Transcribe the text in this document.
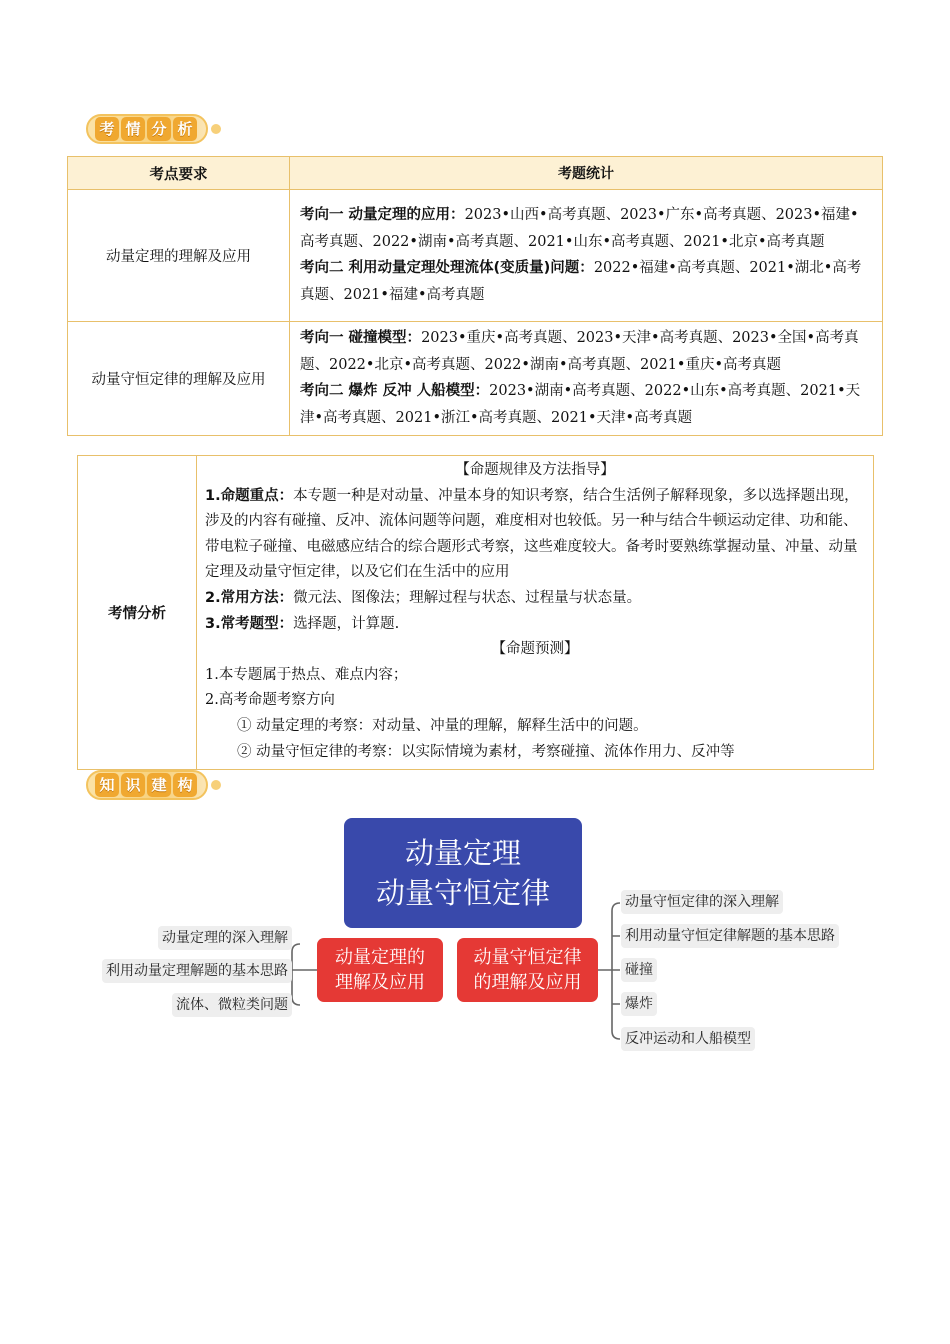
考 情 分 析
考点要求	考题统计
动量定理的理解及应用	考向一 动量定理的应用：2023•山西•高考真题、2023•广东•高考真题、2023•福建•高考真题、2022•湖南•高考真题、2021•山东•高考真题、2021•北京•高考真题
考向二 利用动量定理处理流体(变质量)问题：2022•福建•高考真题、2021•湖北•高考真题、2021•福建•高考真题

动量守恒定律的理解及应用	考向一 碰撞模型：2023•重庆•高考真题、2023•天津•高考真题、2023•全国•高考真题、2022•北京•高考真题、2022•湖南•高考真题、2021•重庆•高考真题
考向二 爆炸 反冲 人船模型：2023•湖南•高考真题、2022•山东•高考真题、2021•天津•高考真题、2021•浙江•高考真题、2021•天津•高考真题
考情分析	
【命题规律及方法指导】
1.命题重点：本专题一种是对动量、冲量本身的知识考察，结合生活例子解释现象，多以选择题出现，涉及的内容有碰撞、反冲、流体问题等问题，难度相对也较低。另一种与结合牛顿运动定律、功和能、带电粒子碰撞、电磁感应结合的综合题形式考察，这些难度较大。备考时要熟练掌握动量、冲量、动量定理及动量守恒定律，以及它们在生活中的应用
2.常用方法：微元法、图像法；理解过程与状态、过程量与状态量。
3.常考题型：选择题，计算题.
【命题预测】
1.本专题属于热点、难点内容；
2.高考命题考察方向
① 动量定理的考察：对动量、冲量的理解，解释生活中的问题。
② 动量守恒定律的考察：以实际情境为素材，考察碰撞、流体作用力、反冲等
知 识 建 构
动量定理
动量守恒定律
动量定理的
理解及应用
动量守恒定律
的理解及应用
动量定理的深入理解
利用动量定理解题的基本思路
流体、微粒类问题
动量守恒定律的深入理解
利用动量守恒定律解题的基本思路
碰撞
爆炸
反冲运动和人船模型
